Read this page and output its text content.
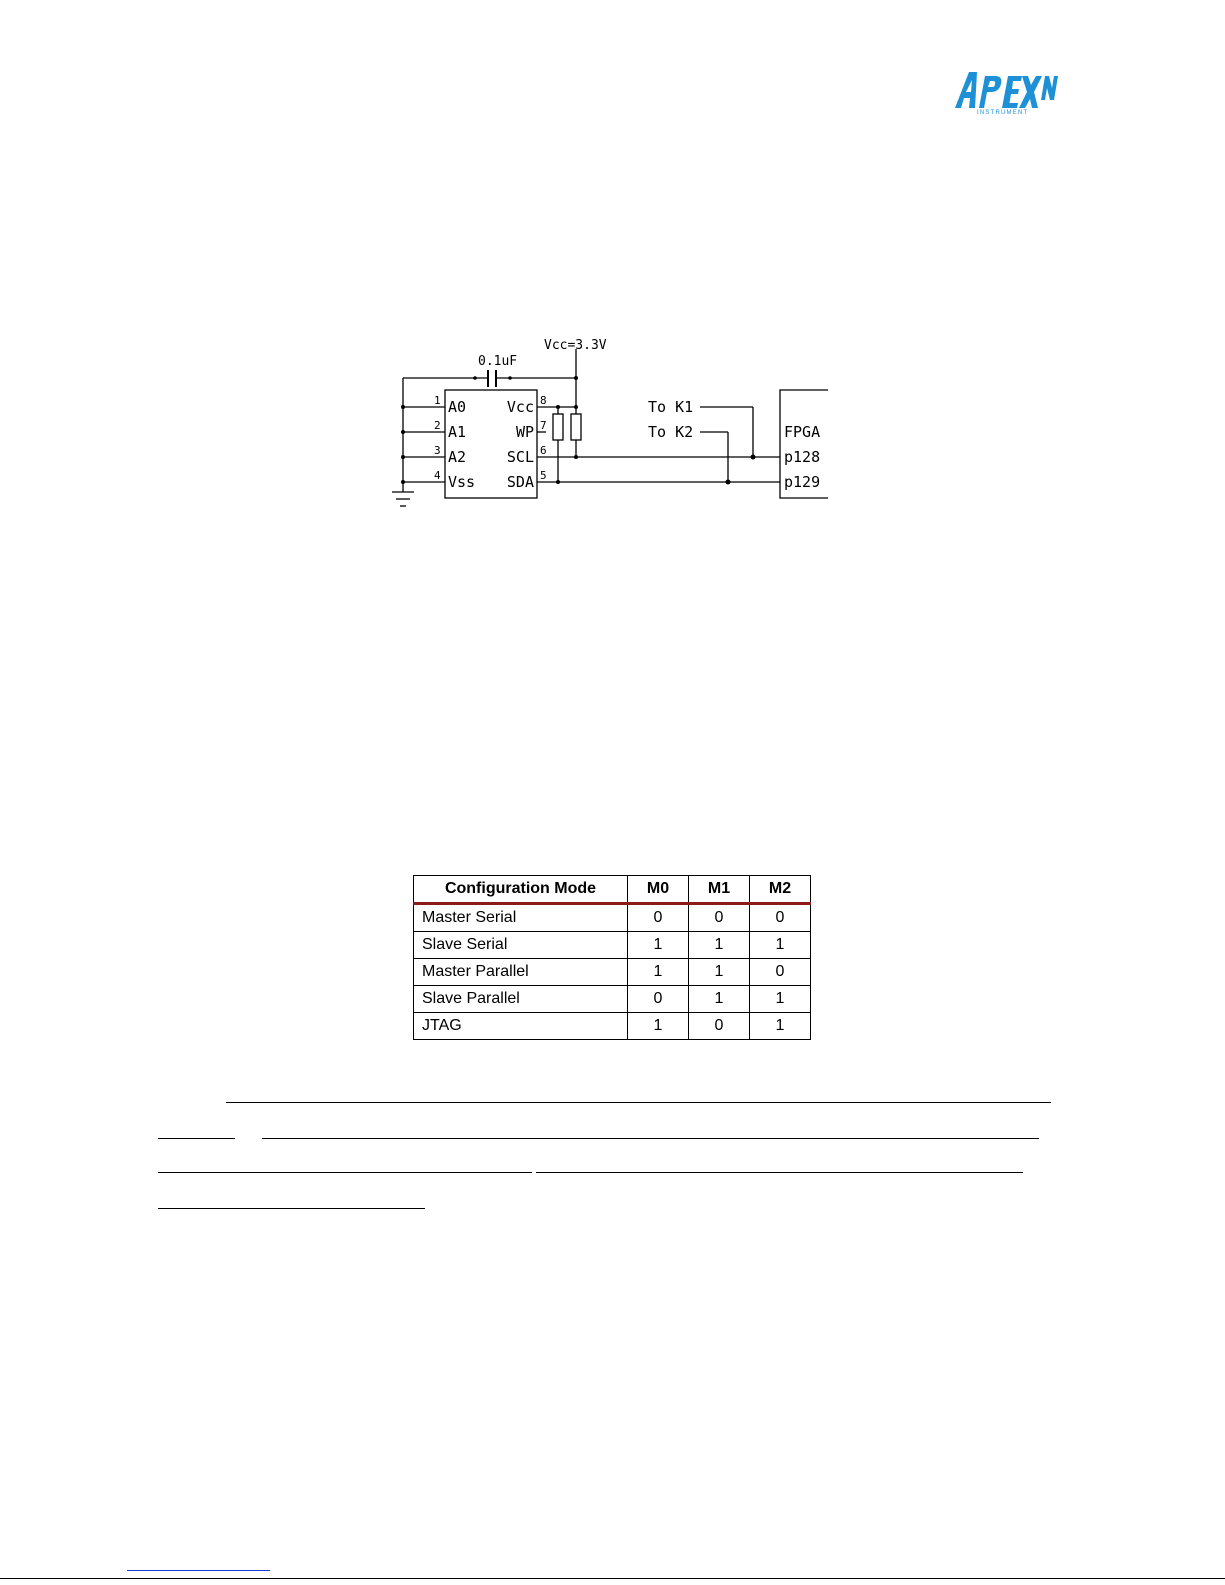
INSTRUMENT
Vcc=3.3V
0.1uF
1
2
3
4
A0
A1
A2
Vss
8
7
6
5
Vcc
WP
SCL
SDA
To K1
To K2	FPGA
p128
p129
Configuration Mode	M0	M1	M2
Master Serial	0	0	0
Slave Serial	1	1	1
Master Parallel	1	1	0
Slave Parallel	0	1	1
JTAG	1	0	1
